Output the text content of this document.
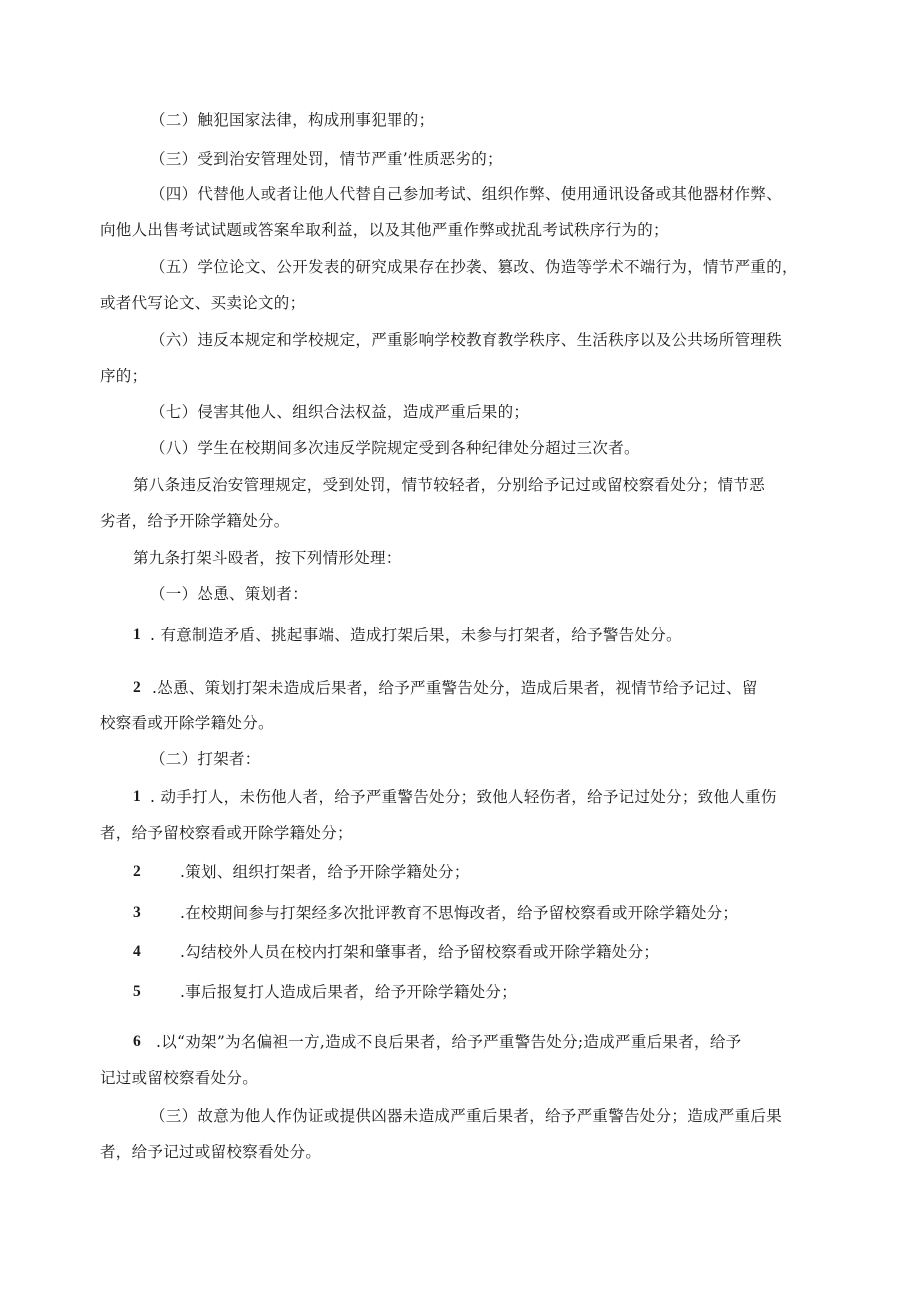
（二）触犯国家法律，构成刑事犯罪的；
（三）受到治安管理处罚，情节严重’性质恶劣的；
（四）代替他人或者让他人代替自己参加考试、组织作弊、使用通讯设备或其他器材作弊、
向他人出售考试试题或答案牟取利益，以及其他严重作弊或扰乱考试秩序行为的；
（五）学位论文、公开发表的研究成果存在抄袭、篡改、伪造等学术不端行为，情节严重的，
或者代写论文、买卖论文的；
（六）违反本规定和学校规定，严重影响学校教育教学秩序、生活秩序以及公共场所管理秩
序的；
（七）侵害其他人、组织合法权益，造成严重后果的；
（八）学生在校期间多次违反学院规定受到各种纪律处分超过三次者。
第八条违反治安管理规定，受到处罚，情节较轻者，分别给予记过或留校察看处分；情节恶
劣者，给予开除学籍处分。
第九条打架斗殴者，按下列情形处理：
（一）怂恿、策划者：
1 . 有意制造矛盾、挑起事端、造成打架后果，未参与打架者，给予警告处分。
2 .怂恿、策划打架未造成后果者，给予严重警告处分，造成后果者，视情节给予记过、留
校察看或开除学籍处分。
（二）打架者：
1 . 动手打人，未伤他人者，给予严重警告处分；致他人轻伤者，给予记过处分；致他人重伤
者，给予留校察看或开除学籍处分；
2	.策划、组织打架者，给予开除学籍处分；
3	.在校期间参与打架经多次批评教育不思悔改者，给予留校察看或开除学籍处分；
4	.勾结校外人员在校内打架和肇事者，给予留校察看或开除学籍处分；
5	.事后报复打人造成后果者，给予开除学籍处分；
6 .以“劝架”为名偏袒一方,造成不良后果者，给予严重警告处分;造成严重后果者，给予
记过或留校察看处分。
（三）故意为他人作伪证或提供凶器未造成严重后果者，给予严重警告处分；造成严重后果
者，给予记过或留校察看处分。
